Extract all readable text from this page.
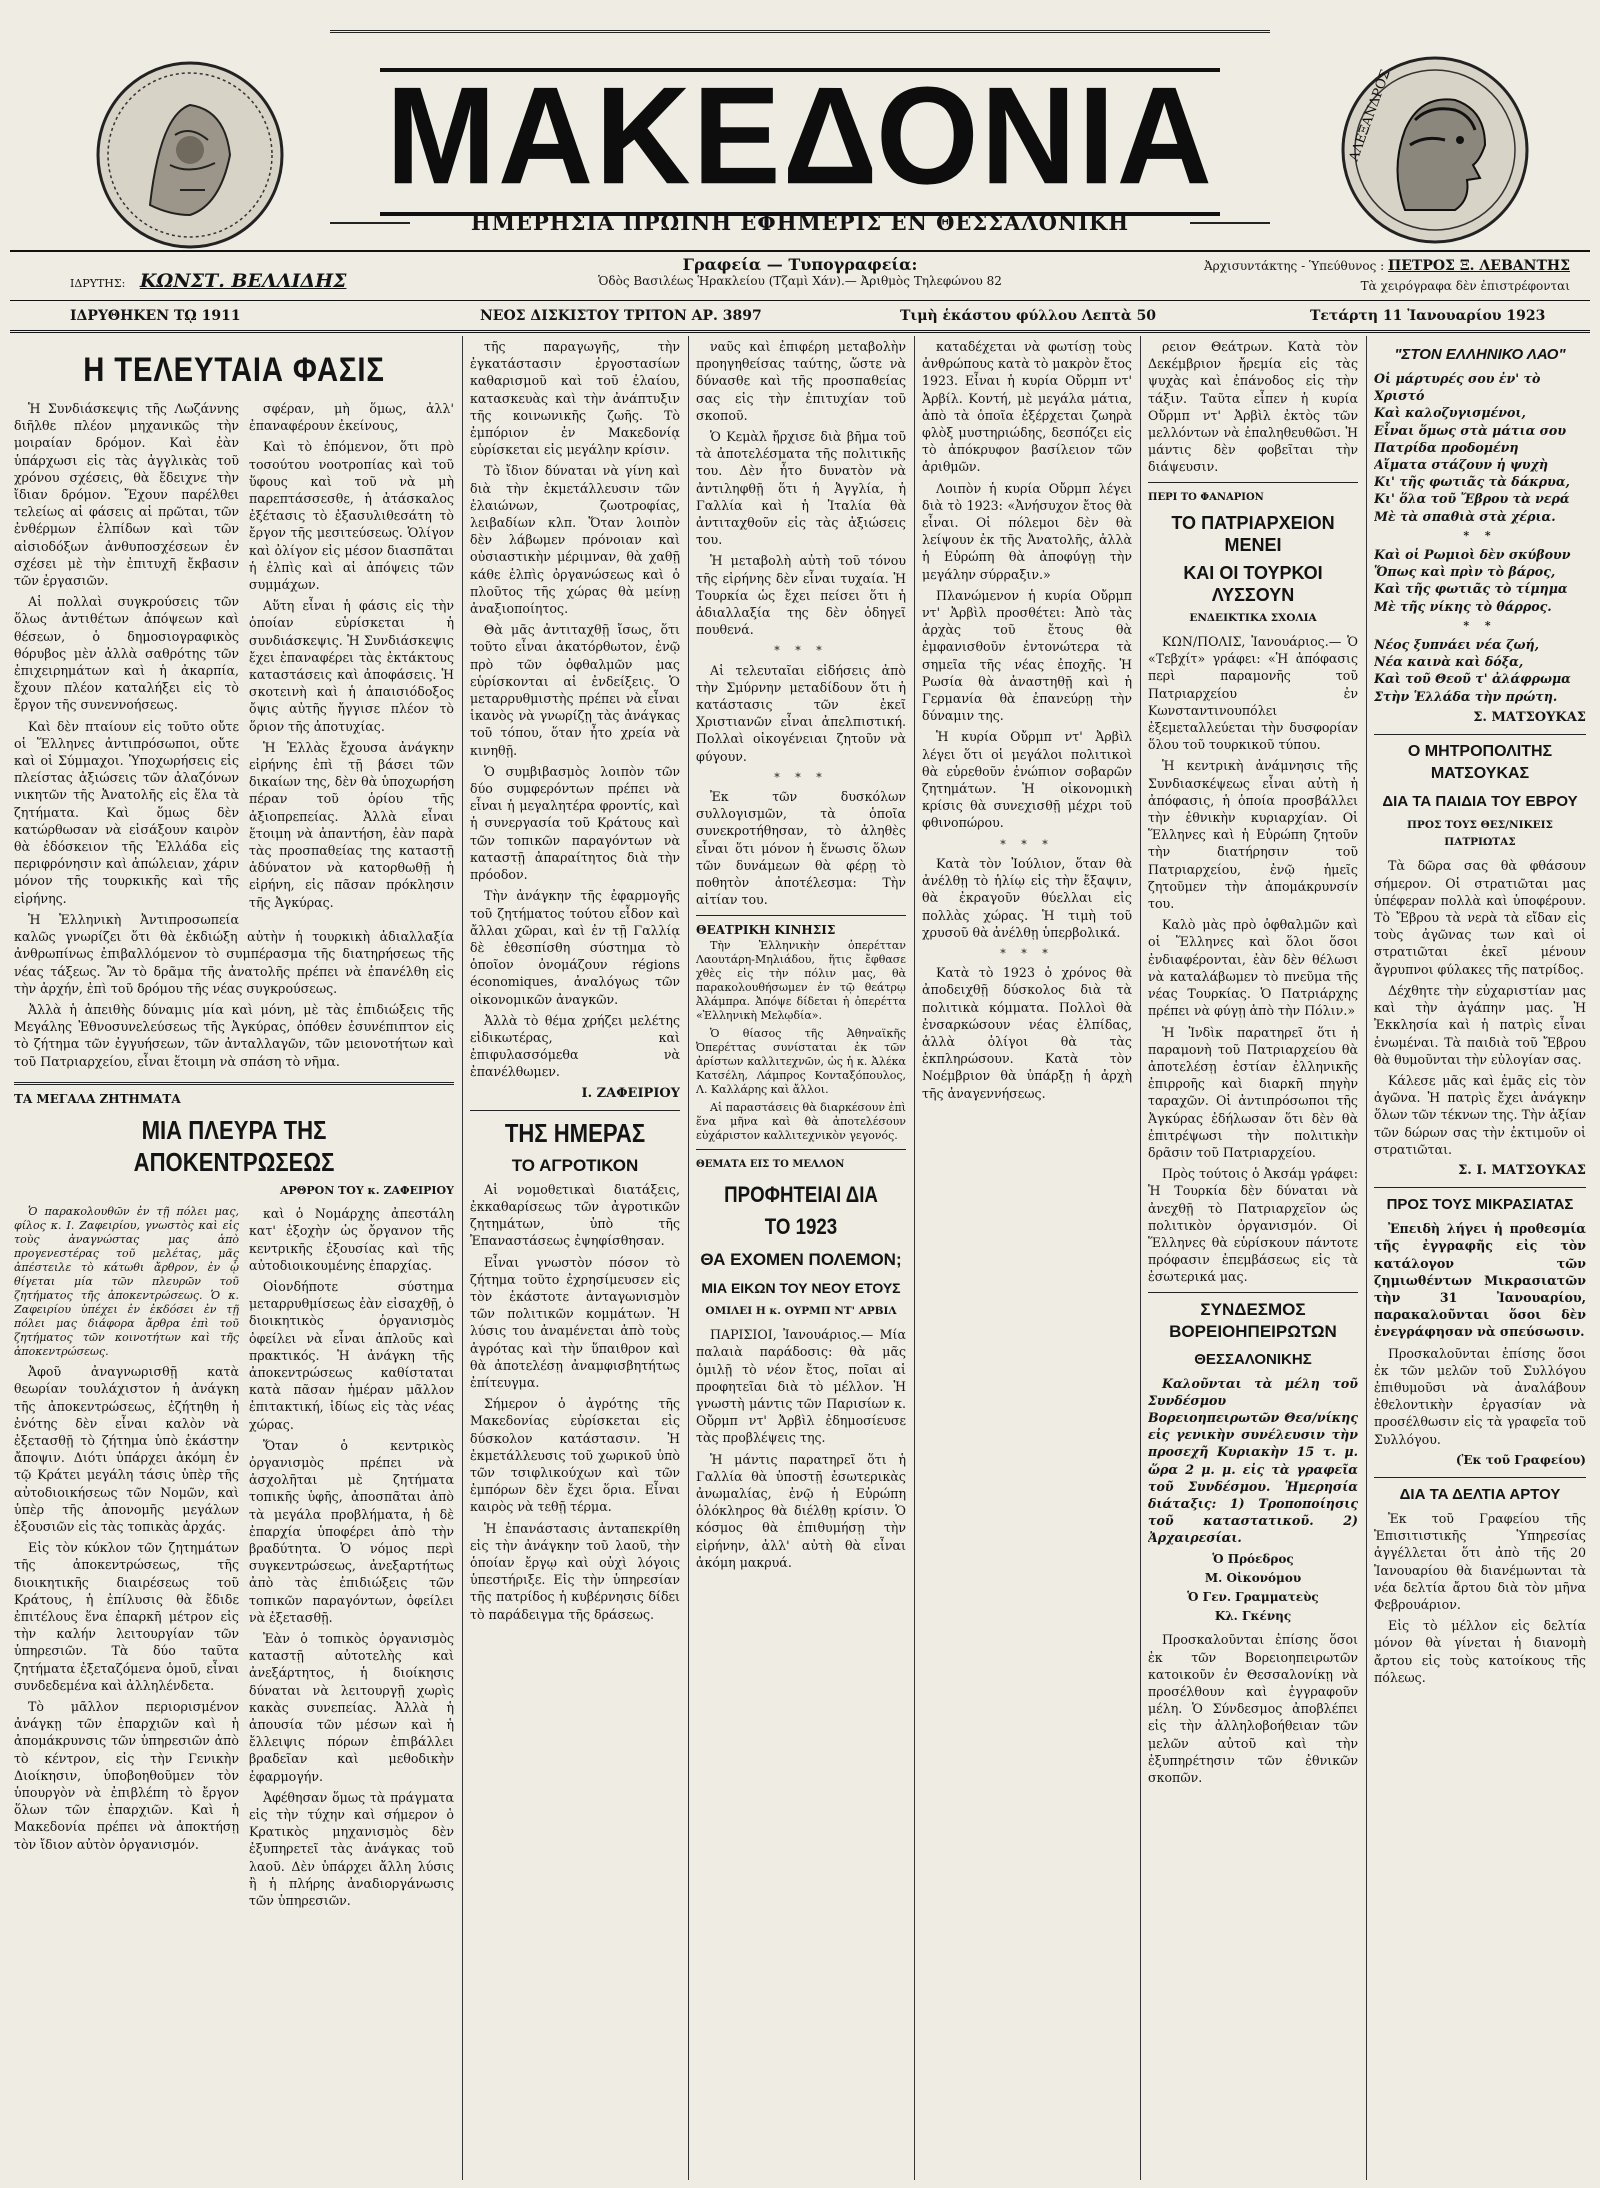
ΑΛΕΞΑΝΔΡΟΣ
ΜΑΚΕΔΟΝΙΑ
ΗΜΕΡΗΣΙΑ ΠΡΩΙΝΗ ΕΦΗΜΕΡΙΣ ΕΝ ΘΕΣΣΑΛΟΝΙΚΗ
ΙΔΡΥΤΗΣ: ΚΩΝΣΤ. ΒΕΛΛΙΔΗΣ
Γραφεία — Τυπογραφεία:
Ὁδὸς Βασιλέως Ἡρακλείου (Τζαμὶ Χάν).— Ἀριθμὸς Τηλεφώνου 82
Ἀρχισυντάκτης - Ὑπεύθυνος : ΠΕΤΡΟΣ Ξ. ΛΕΒΑΝΤΗΣ
Τὰ χειρόγραφα δὲν ἐπιστρέφονται
ΙΔΡΥΘΗΚΕΝ Τῼ 1911	ΝΕΟΣ ΔΙΣΚΙΣΤΟΥ ΤΡΙΤΟΝ ΑΡ. 3897	Τιμὴ ἑκάστου φύλλου Λεπτὰ 50	Τετάρτη 11 Ἰανουαρίου 1923
Η ΤΕΛΕΥΤΑΙΑ ΦΑΣΙΣ

σφέραν, μὴ ὅμως, ἀλλ' ἐπαναφέρουν ἐκείνους,

Καὶ τὸ ἐπόμενον, ὅτι πρὸ τοσούτου νοοτροπίας καὶ τοῦ ὕφους καὶ τοῦ νὰ μὴ παρεπτάσσεσθε, ἡ ἀτάσκαλος ἐξέτασις τὸ ἐξασυλιθεσάτη τὸ ἔργον τῆς μεσιτεύσεως. Ὁλίγον καὶ ὀλίγον εἰς μέσον διασπᾶται ἡ ἐλπὶς καὶ αἱ ἀπόψεις τῶν συμμάχων.

Αὕτη εἶναι ἡ φάσις εἰς τὴν ὁποίαν εὑρίσκεται ἡ συνδιάσκεψις. Ἡ Συνδιάσκεψις ἔχει ἐπαναφέρει τὰς ἐκτάκτους καταστάσεις καὶ ἀποφάσεις. Ἡ σκοτεινὴ καὶ ἡ ἀπαισιόδοξος ὄψις αὐτῆς ἤγγισε πλέον τὸ ὅριον τῆς ἀποτυχίας.

Ἡ Ἑλλὰς ἔχουσα ἀνάγκην εἰρήνης ἐπὶ τῇ βάσει τῶν δικαίων της, δὲν θὰ ὑποχωρήση πέραν τοῦ ὁρίου τῆς ἀξιοπρεπείας. Ἀλλὰ εἶναι ἕτοιμη νὰ ἀπαντήση, ἐὰν παρὰ τὰς προσπαθείας της καταστῇ ἀδύνατον νὰ κατορθωθῇ ἡ εἰρήνη, εἰς πᾶσαν πρόκλησιν τῆς Ἀγκύρας.

Ἡ Συνδιάσκεψις τῆς Λωζάννης διῆλθε πλέον μηχανικῶς τὴν μοιραίαν δρόμον. Καὶ ἐὰν ὑπάρχωσι εἰς τὰς ἀγγλικὰς τοῦ χρόνου σχέσεις, θὰ ἔδειχνε τὴν ἴδιαν δρόμον. Ἔχουν παρέλθει τελείως αἱ φάσεις αἱ πρῶται, τῶν ἐνθέρμων ἐλπίδων καὶ τῶν αἰσιοδόξων ἀνθυποσχέσεων ἐν σχέσει μὲ τὴν ἐπιτυχῆ ἔκβασιν τῶν ἐργασιῶν.

Αἱ πολλαὶ συγκρούσεις τῶν ὅλως ἀντιθέτων ἀπόψεων καὶ θέσεων, ὁ δημοσιογραφικὸς θόρυβος μὲν ἀλλὰ σαθρότης τῶν ἐπιχειρημάτων καὶ ἡ ἀκαρπία, ἔχουν πλέον καταλήξει εἰς τὸ ἔργον τῆς συνεννοήσεως.

Καὶ δὲν πταίουν εἰς τοῦτο οὔτε οἱ Ἕλληνες ἀντιπρόσωποι, οὔτε καὶ οἱ Σύμμαχοι. Ὑποχωρήσεις εἰς πλείστας ἀξιώσεις τῶν ἀλαζόνων νικητῶν τῆς Ἀνατολῆς εἰς ἕλα τὰ ζητήματα. Καὶ ὅμως δὲν κατώρθωσαν νὰ εἰσάξουν καιρὸν θὰ ἐδόσκειον τῆς Ἑλλάδα εἰς περιφρόνησιν καὶ ἀπώλειαν, χάριν μόνον τῆς τουρκικῆς καὶ τῆς εἰρήνης.

Ἡ Ἑλληνικὴ Ἀντιπροσωπεία καλῶς γνωρίζει ὅτι θὰ ἐκδιώξη αὐτὴν ἡ τουρκικὴ ἀδιαλλαξία ἀνθρωπίνως ἐπιβαλλόμενον τὸ συμπέρασμα τῆς διατηρήσεως τῆς νέας τάξεως. Ἂν τὸ δρᾶμα τῆς ἀνατολῆς πρέπει νὰ ἐπανέλθη εἰς τὴν ἀρχήν, ἐπὶ τοῦ δρόμου τῆς νέας συγκρούσεως.

Ἀλλὰ ἡ ἀπειθὴς δύναμις μία καὶ μόνη, μὲ τὰς ἐπιδιώξεις τῆς Μεγάλης Ἐθνοσυνελεύσεως τῆς Ἀγκύρας, ὁπόθεν ἐσυνέπιπτον εἰς τὸ ζήτημα τῶν ἐγγυήσεων, τῶν ἀνταλλαγῶν, τῶν μειονοτήτων καὶ τοῦ Πατριαρχείου, εἶναι ἕτοιμη νὰ σπάση τὸ νῆμα.

ΤΑ ΜΕΓΑΛΑ ΖΗΤΗΜΑΤΑ
ΜΙΑ ΠΛΕΥΡΑ ΤΗΣ ΑΠΟΚΕΝΤΡΩΣΕΩΣ
ΑΡΘΡΟΝ ΤΟΥ κ. ΖΑΦΕΙΡΙΟΥ

καὶ ὁ Νομάρχης ἀπεστάλη κατ' ἐξοχὴν ὡς ὄργανον τῆς κεντρικῆς ἐξουσίας καὶ τῆς αὐτοδιοικουμένης ἐπαρχίας.

Οἱονδήποτε σύστημα μεταρρυθμίσεως ἐὰν εἰσαχθῇ, ὁ διοικητικὸς ὀργανισμὸς ὀφείλει νὰ εἶναι ἁπλοῦς καὶ πρακτικός. Ἡ ἀνάγκη τῆς ἀποκεντρώσεως καθίσταται κατὰ πᾶσαν ἡμέραν μᾶλλον ἐπιτακτική, ἰδίως εἰς τὰς νέας χώρας.

Ὅταν ὁ κεντρικὸς ὀργανισμὸς πρέπει νὰ ἀσχολῆται μὲ ζητήματα τοπικῆς ὑφῆς, ἀποσπᾶται ἀπὸ τὰ μεγάλα προβλήματα, ἡ δὲ ἐπαρχία ὑποφέρει ἀπὸ τὴν βραδύτητα. Ὁ νόμος περὶ συγκεντρώσεως, ἀνεξαρτήτως ἀπὸ τὰς ἐπιδιώξεις τῶν τοπικῶν παραγόντων, ὁφείλει νὰ ἐξετασθῇ.

Ἐὰν ὁ τοπικὸς ὀργανισμὸς καταστῇ αὐτοτελὴς καὶ ἀνεξάρτητος, ἡ διοίκησις δύναται νὰ λειτουργῇ χωρὶς κακὰς συνεπείας. Ἀλλὰ ἡ ἀπουσία τῶν μέσων καὶ ἡ ἔλλειψις πόρων ἐπιβάλλει βραδεῖαν καὶ μεθοδικὴν ἐφαρμογήν.

Ἀφέθησαν ὅμως τὰ πράγματα εἰς τὴν τύχην καὶ σήμερον ὁ Κρατικὸς μηχανισμὸς δὲν ἐξυπηρετεῖ τὰς ἀνάγκας τοῦ λαοῦ. Δὲν ὑπάρχει ἄλλη λύσις ἢ ἡ πλήρης ἀναδιοργάνωσις τῶν ὑπηρεσιῶν.

Ὁ παρακολουθῶν ἐν τῇ πόλει μας, φίλος κ. Ι. Ζαφειρίου, γνωστὸς καὶ εἰς τοὺς ἀναγνώστας μας ἀπὸ προγενεστέρας τοῦ μελέτας, μᾶς ἀπέστειλε τὸ κάτωθι ἄρθρον, ἐν ᾧ θίγεται μία τῶν πλευρῶν τοῦ ζητήματος τῆς ἀποκεντρώσεως. Ὁ κ. Ζαφειρίου ὑπέχει ἐν ἐκδόσει ἐν τῇ πόλει μας διάφορα ἄρθρα ἐπὶ τοῦ ζητήματος τῶν κοινοτήτων καὶ τῆς ἀποκεντρώσεως.

Ἀφοῦ ἀναγνωρισθῇ κατὰ θεωρίαν τουλάχιστον ἡ ἀνάγκη τῆς ἀποκεντρώσεως, ἐζήτηθη ἡ ἐνότης δὲν εἶναι καλὸν νὰ ἐξετασθῇ τὸ ζήτημα ὑπὸ ἑκάστην ἄποψιν. Διότι ὑπάρχει ἀκόμη ἐν τῷ Κράτει μεγάλη τάσις ὑπὲρ τῆς αὐτοδιοικήσεως τῶν Νομῶν, καὶ ὑπὲρ τῆς ἀπονομῆς μεγάλων ἐξουσιῶν εἰς τὰς τοπικὰς ἀρχάς.

Εἰς τὸν κύκλον τῶν ζητημάτων τῆς ἀποκεντρώσεως, τῆς διοικητικῆς διαιρέσεως τοῦ Κράτους, ἡ ἐπίλυσις θὰ ἔδιδε ἐπιτέλους ἕνα ἐπαρκῆ μέτρον εἰς τὴν καλήν λειτουργίαν τῶν ὑπηρεσιῶν. Τὰ δύο ταῦτα ζητήματα ἐξεταζόμενα ὁμοῦ, εἶναι συνδεδεμένα καὶ ἀλληλένδετα.

Τὸ μᾶλλον περιορισμένον ἀνάγκῃ τῶν ἐπαρχιῶν καὶ ἡ ἀπομάκρυνσις τῶν ὑπηρεσιῶν ἀπὸ τὸ κέντρον, εἰς τὴν Γενικὴν Διοίκησιν, ὑποβοηθοῦμεν τὸν ὑπουργὸν νὰ ἐπιβλέπη τὸ ἔργον ὅλων τῶν ἐπαρχιῶν. Καὶ ἡ Μακεδονία πρέπει νὰ ἀποκτήσῃ τὸν ἴδιον αὐτὸν ὀργανισμόν.

τῆς παραγωγῆς, τὴν ἐγκατάστασιν ἐργοστασίων καθαρισμοῦ καὶ τοῦ ἐλαίου, κατασκευὰς καὶ τὴν ἀνάπτυξιν τῆς κοινωνικῆς ζωῆς. Τὸ ἐμπόριον ἐν Μακεδονίᾳ εὑρίσκεται εἰς μεγάλην κρίσιν.

Τὸ ἴδιον δύναται νὰ γίνη καὶ διὰ τὴν ἐκμετάλλευσιν τῶν ἐλαιώνων, ζωοτροφίας, λειβαδίων κλπ. Ὅταν λοιπὸν δὲν λάβωμεν πρόνοιαν καὶ οὐσιαστικὴν μέριμναν, θὰ χαθῇ κάθε ἐλπὶς ὀργανώσεως καὶ ὁ πλοῦτος τῆς χώρας θὰ μείνῃ ἀναξιοποίητος.

Θὰ μᾶς ἀντιταχθῇ ἴσως, ὅτι τοῦτο εἶναι ἀκατόρθωτον, ἐνῷ πρὸ τῶν ὀφθαλμῶν μας εὑρίσκονται αἱ ἐνδείξεις. Ὁ μεταρρυθμιστὴς πρέπει νὰ εἶναι ἱκανὸς νὰ γνωρίζῃ τὰς ἀνάγκας τοῦ τόπου, ὅταν ἦτο χρεία νὰ κινηθῇ.

Ὁ συμβιβασμὸς λοιπὸν τῶν δύο συμφερόντων πρέπει νὰ εἶναι ἡ μεγαλητέρα φροντίς, καὶ ἡ συνεργασία τοῦ Κράτους καὶ τῶν τοπικῶν παραγόντων νὰ καταστῇ ἀπαραίτητος διὰ τὴν πρόοδον.

Τὴν ἀνάγκην τῆς ἐφαρμογῆς τοῦ ζητήματος τούτου εἶδον καὶ ἄλλαι χῶραι, καὶ ἐν τῇ Γαλλίᾳ δὲ ἐθεσπίσθη σύστημα τὸ ὁποῖον ὀνομάζουν régions économiques, ἀναλόγως τῶν οἰκονομικῶν ἀναγκῶν.

Ἀλλὰ τὸ θέμα χρήζει μελέτης εἰδικωτέρας, καὶ ἐπιφυλασσόμεθα νὰ ἐπανέλθωμεν.

Ι. ΖΑΦΕΙΡΙΟΥ
ΤΗΣ ΗΜΕΡΑΣ
ΤΟ ΑΓΡΟΤΙΚΟΝ

Αἱ νομοθετικαὶ διατάξεις, ἐκκαθαρίσεως τῶν ἀγροτικῶν ζητημάτων, ὑπὸ τῆς Ἐπαναστάσεως ἐψηφίσθησαν.

Εἶναι γνωστὸν πόσον τὸ ζήτημα τοῦτο ἐχρησίμευσεν εἰς τὸν ἑκάστοτε ἀνταγωνισμὸν τῶν πολιτικῶν κομμάτων. Ἡ λύσις του ἀναμένεται ἀπὸ τοὺς ἀγρότας καὶ τὴν ὕπαιθρον καὶ θὰ ἀποτελέσῃ ἀναμφισβητήτως ἐπίτευγμα.

Σήμερον ὁ ἀγρότης τῆς Μακεδονίας εὑρίσκεται εἰς δύσκολον κατάστασιν. Ἡ ἐκμετάλλευσις τοῦ χωρικοῦ ὑπὸ τῶν τσιφλικούχων καὶ τῶν ἐμπόρων δὲν ἔχει ὅρια. Εἶναι καιρὸς νὰ τεθῇ τέρμα.

Ἡ ἐπανάστασις ἀνταπεκρίθη εἰς τὴν ἀνάγκην τοῦ λαοῦ, τὴν ὁποίαν ἔργῳ καὶ οὐχὶ λόγοις ὑπεστήριξε. Εἰς τὴν ὑπηρεσίαν τῆς πατρίδος ἡ κυβέρνησις δίδει τὸ παράδειγμα τῆς δράσεως.

ναῦς καὶ ἐπιφέρη μεταβολὴν προηγηθείσας ταύτης, ὥστε νὰ δύνασθε καὶ τῆς προσπαθείας σας εἰς τὴν ἐπιτυχίαν τοῦ σκοποῦ.

Ὁ Κεμὰλ ἤρχισε διὰ βῆμα τοῦ τὰ ἀποτελέσματα τῆς πολιτικῆς του. Δὲν ἦτο δυνατὸν νὰ ἀντιληφθῇ ὅτι ἡ Ἀγγλία, ἡ Γαλλία καὶ ἡ Ἰταλία θὰ ἀντιταχθοῦν εἰς τὰς ἀξιώσεις του.

Ἡ μεταβολὴ αὐτὴ τοῦ τόνου τῆς εἰρήνης δὲν εἶναι τυχαία. Ἡ Τουρκία ὡς ἔχει πείσει ὅτι ἡ ἀδιαλλαξία της δὲν ὁδηγεῖ πουθενά.

* * *

Αἱ τελευταῖαι εἰδήσεις ἀπὸ τὴν Σμύρνην μεταδίδουν ὅτι ἡ κατάστασις τῶν ἐκεῖ Χριστιανῶν εἶναι ἀπελπιστική. Πολλαὶ οἰκογένειαι ζητοῦν νὰ φύγουν.

* * *

Ἐκ τῶν δυσκόλων συλλογισμῶν, τὰ ὁποῖα συνεκροτήθησαν, τὸ ἀληθὲς εἶναι ὅτι μόνον ἡ ἕνωσις ὅλων τῶν δυνάμεων θὰ φέρῃ τὸ ποθητὸν ἀποτέλεσμα: Τὴν αἰτίαν του.

ΘΕΑΤΡΙΚΗ ΚΙΝΗΣΙΣ

Τὴν Ἑλληνικὴν ὀπερέτταν Λαουτάρη-Μηλιάδου, ἥτις ἔφθασε χθὲς εἰς τὴν πόλιν μας, θὰ παρακολουθήσωμεν ἐν τῷ θεάτρῳ Ἀλάμπρα. Ἀπόψε δίδεται ἡ ὀπερέττα «Ἑλληνικὴ Μελῳδία».

Ὁ θίασος τῆς Ἀθηναϊκῆς Ὀπερέττας συνίσταται ἐκ τῶν ἀρίστων καλλιτεχνῶν, ὡς ἡ κ. Ἀλέκα Κατσέλη, Λάμπρος Κονταξόπουλος, Λ. Καλλάρης καὶ ἄλλοι.

Αἱ παραστάσεις θὰ διαρκέσουν ἐπὶ ἕνα μῆνα καὶ θὰ ἀποτελέσουν εὐχάριστον καλλιτεχνικὸν γεγονός.

ΘΕΜΑΤΑ ΕΙΣ ΤΟ ΜΕΛΛΟΝ
ΠΡΟΦΗΤΕΙΑΙ ΔΙΑ ΤΟ 1923
ΘΑ ΕΧΟΜΕΝ ΠΟΛΕΜΟΝ;
ΜΙΑ ΕΙΚΩΝ ΤΟΥ ΝΕΟΥ ΕΤΟΥΣ
ΟΜΙΛΕΙ Η κ. ΟΥΡΜΠ ΝΤ' ΑΡΒΙΛ

ΠΑΡΙΣΙΟΙ, Ἰανουάριος.— Μία παλαιὰ παράδοσις: θὰ μᾶς ὁμιλῇ τὸ νέον ἔτος, ποῖαι αἱ προφητεῖαι διὰ τὸ μέλλον. Ἡ γνωστὴ μάντις τῶν Παρισίων κ. Οὔρμπ ντ' Ἀρβὶλ ἐδημοσίευσε τὰς προβλέψεις της.

Ἡ μάντις παρατηρεῖ ὅτι ἡ Γαλλία θὰ ὑποστῇ ἐσωτερικὰς ἀνωμαλίας, ἐνῷ ἡ Εὐρώπη ὁλόκληρος θὰ διέλθῃ κρίσιν. Ὁ κόσμος θὰ ἐπιθυμήσῃ τὴν εἰρήνην, ἀλλ' αὐτὴ θὰ εἶναι ἀκόμη μακρυά.

καταδέχεται νὰ φωτίσῃ τοὺς ἀνθρώπους κατὰ τὸ μακρὸν ἔτος 1923. Εἶναι ἡ κυρία Οὔρμπ ντ' Ἀρβίλ. Κοντή, μὲ μεγάλα μάτια, ἀπὸ τὰ ὁποῖα ἐξέρχεται ζωηρὰ φλὸξ μυστηριώδης, δεσπόζει εἰς τὸ ἀπόκρυφον βασίλειον τῶν ἀριθμῶν.

Λοιπὸν ἡ κυρία Οὔρμπ λέγει διὰ τὸ 1923: «Ἀνήσυχον ἔτος θὰ εἶναι. Οἱ πόλεμοι δὲν θὰ λείψουν ἐκ τῆς Ἀνατολῆς, ἀλλὰ ἡ Εὐρώπη θὰ ἀποφύγῃ τὴν μεγάλην σύρραξιν.»

Πλανώμενον ἡ κυρία Οὔρμπ ντ' Ἀρβὶλ προσθέτει: Ἀπὸ τὰς ἀρχὰς τοῦ ἔτους θὰ ἐμφανισθοῦν ἐντονώτερα τὰ σημεῖα τῆς νέας ἐποχῆς. Ἡ Ρωσία θὰ ἀναστηθῇ καὶ ἡ Γερμανία θὰ ἐπανεύρῃ τὴν δύναμιν της.

Ἡ κυρία Οὔρμπ ντ' Ἀρβὶλ λέγει ὅτι οἱ μεγάλοι πολιτικοὶ θὰ εὑρεθοῦν ἐνώπιον σοβαρῶν ζητημάτων. Ἡ οἰκονομικὴ κρίσις θὰ συνεχισθῇ μέχρι τοῦ φθινοπώρου.

* * *

Κατὰ τὸν Ἰούλιον, ὅταν θὰ ἀνέλθῃ τὸ ἡλίῳ εἰς τὴν ἔξαψιν, θὰ ἐκραγοῦν θύελλαι εἰς πολλὰς χώρας. Ἡ τιμὴ τοῦ χρυσοῦ θὰ ἀνέλθῃ ὑπερβολικά.

* * *

Κατὰ τὸ 1923 ὁ χρόνος θὰ ἀποδειχθῇ δύσκολος διὰ τὰ πολιτικὰ κόμματα. Πολλοὶ θὰ ἐνσαρκώσουν νέας ἐλπίδας, ἀλλὰ ὀλίγοι θὰ τὰς ἐκπληρώσουν. Κατὰ τὸν Νοέμβριον θὰ ὑπάρξῃ ἡ ἀρχὴ τῆς ἀναγεννήσεως.

ρειον Θεάτρων. Κατὰ τὸν Δεκέμβριον ἤρεμία εἰς τὰς ψυχὰς καὶ ἐπάνοδος εἰς τὴν τάξιν. Ταῦτα εἶπεν ἡ κυρία Οὔρμπ ντ' Ἀρβὶλ ἐκτὸς τῶν μελλόντων νὰ ἐπαληθευθῶσι. Ἡ μάντις δὲν φοβεῖται τὴν διάψευσιν.

ΠΕΡΙ ΤΟ ΦΑΝΑΡΙΟΝ
ΤΟ ΠΑΤΡΙΑΡΧΕΙΟΝ ΜΕΝΕΙ
ΚΑΙ ΟΙ ΤΟΥΡΚΟΙ ΛΥΣΣΟΥΝ
ΕΝΔΕΙΚΤΙΚΑ ΣΧΟΛΙΑ

ΚΩΝ/ΠΟΛΙΣ, Ἰανουάριος.— Ὁ «Τεβχίτ» γράφει: «Ἡ ἀπόφασις περὶ παραμονῆς τοῦ Πατριαρχείου ἐν Κωνσταντινουπόλει ἐξεμεταλλεύεται τὴν δυσφορίαν ὅλου τοῦ τουρκικοῦ τύπου.

Ἡ κεντρικὴ ἀνάμνησις τῆς Συνδιασκέψεως εἶναι αὐτὴ ἡ ἀπόφασις, ἡ ὁποία προσβάλλει τὴν ἐθνικὴν κυριαρχίαν. Οἱ Ἕλληνες καὶ ἡ Εὐρώπη ζητοῦν τὴν διατήρησιν τοῦ Πατριαρχείου, ἐνῷ ἡμεῖς ζητοῦμεν τὴν ἀπομάκρυνσίν του.

Καλὸ μὰς πρὸ ὀφθαλμῶν καὶ οἱ Ἕλληνες καὶ ὅλοι ὅσοι ἐνδιαφέρονται, ἐὰν δὲν θέλωσι νὰ καταλάβωμεν τὸ πνεῦμα τῆς νέας Τουρκίας. Ὁ Πατριάρχης πρέπει νὰ φύγῃ ἀπὸ τὴν Πόλιν.»

Ἡ Ἰνδὶκ παρατηρεῖ ὅτι ἡ παραμονὴ τοῦ Πατριαρχείου θὰ ἀποτελέσῃ ἑστίαν ἐλληνικῆς ἐπιρροῆς καὶ διαρκῆ πηγὴν ταραχῶν. Οἱ ἀντιπρόσωποι τῆς Ἀγκύρας ἐδήλωσαν ὅτι δὲν θὰ ἐπιτρέψωσι τὴν πολιτικὴν δρᾶσιν τοῦ Πατριαρχείου.

Πρὸς τούτοις ὁ Ἀκσάμ γράφει: Ἡ Τουρκία δὲν δύναται νὰ ἀνεχθῇ τὸ Πατριαρχεῖον ὡς πολιτικὸν ὀργανισμόν. Οἱ Ἕλληνες θὰ εὑρίσκουν πάντοτε πρόφασιν ἐπεμβάσεως εἰς τὰ ἐσωτερικά μας.

ΣΥΝΔΕΣΜΟΣ ΒΟΡΕΙΟΗΠΕΙΡΩΤΩΝ
ΘΕΣΣΑΛΟΝΙΚΗΣ

Καλοῦνται τὰ μέλη τοῦ Συνδέσμου Βορειοηπειρωτῶν Θεσ/νίκης εἰς γενικὴν συνέλευσιν τὴν προσεχῆ Κυριακὴν 15 τ. μ. ὥρα 2 μ. μ. εἰς τὰ γραφεῖα τοῦ Συνδέσμου. Ἡμερησία διάταξις: 1) Τροποποίησις τοῦ καταστατικοῦ. 2) Ἀρχαιρεσίαι.

Ὁ Πρόεδρος
Μ. Οἰκονόμου
Ὁ Γεν. Γραμματεὺς
Κλ. Γκένης

Προσκαλοῦνται ἐπίσης ὅσοι ἐκ τῶν Βορειοηπειρωτῶν κατοικοῦν ἐν Θεσσαλονίκῃ νὰ προσέλθουν καὶ ἐγγραφοῦν μέλη. Ὁ Σύνδεσμος ἀποβλέπει εἰς τὴν ἀλληλοβοήθειαν τῶν μελῶν αὐτοῦ καὶ τὴν ἐξυπηρέτησιν τῶν ἐθνικῶν σκοπῶν.

"ΣΤΟΝ ΕΛΛΗΝΙΚΟ ΛΑΟ"

Οἱ μάρτυρές σου ἐν' τὸ Χριστό

Καὶ καλοζυγισμένοι,

Εἶναι ὅμως στὰ μάτια σου

Πατρίδα προδομένη

Αἴματα στάζουν ἡ ψυχὴ

Κι' τῆς φωτιᾶς τὰ δάκρυα,

Κι' ὅλα τοῦ Ἔβρου τὰ νερά

Μὲ τὰ σπαθιὰ στὰ χέρια.

* *

Καὶ οἱ Ρωμιοὶ δὲν σκύβουν

Ὅπως καὶ πρὶν τὸ βάρος,

Καὶ τῆς φωτιᾶς τὸ τίμημα

Μὲ τῆς νίκης τὸ θάρρος.

* *

Νέος ξυπνάει νέα ζωή,

Νέα καινὰ καὶ δόξα,

Καὶ τοῦ Θεοῦ τ' ἀλάφρωμα

Στὴν Ἑλλάδα τὴν πρώτη.

Σ. ΜΑΤΣΟΥΚΑΣ
Ο ΜΗΤΡΟΠΟΛΙΤΗΣ ΜΑΤΣΟΥΚΑΣ
ΔΙΑ ΤΑ ΠΑΙΔΙΑ ΤΟΥ ΕΒΡΟΥ
ΠΡΟΣ ΤΟΥΣ ΘΕΣ/ΝΙΚΕΙΣ ΠΑΤΡΙΩΤΑΣ

Τὰ δῶρα σας θὰ φθάσουν σήμερον. Οἱ στρατιῶται μας ὑπέφεραν πολλὰ καὶ ὑποφέρουν. Τὸ Ἔβρου τὰ νερὰ τὰ εἴδαν εἰς τοὺς ἀγῶνας των καὶ οἱ στρατιῶται ἐκεῖ μένουν ἄγρυπνοι φύλακες τῆς πατρίδος.

Δέχθητε τὴν εὐχαριστίαν μας καὶ τὴν ἀγάπην μας. Ἡ Ἐκκλησία καὶ ἡ πατρὶς εἶναι ἑνωμέναι. Τὰ παιδιὰ τοῦ Ἔβρου θὰ θυμοῦνται τὴν εὐλογίαν σας.

Κάλεσε μᾶς καὶ ἐμᾶς εἰς τὸν ἀγῶνα. Ἡ πατρὶς ἔχει ἀνάγκην ὅλων τῶν τέκνων της. Τὴν ἀξίαν τῶν δώρων σας τὴν ἐκτιμοῦν οἱ στρατιῶται.

Σ. Ι. ΜΑΤΣΟΥΚΑΣ
ΠΡΟΣ ΤΟΥΣ ΜΙΚΡΑΣΙΑΤΑΣ

Ἐπειδὴ λήγει ἡ προθεσμία τῆς ἐγγραφῆς εἰς τὸν κατάλογον τῶν ζημιωθέντων Μικρασιατῶν τὴν 31 Ἰανουαρίου, παρακαλοῦνται ὅσοι δὲν ἐνεγράφησαν νὰ σπεύσωσιν.

Προσκαλοῦνται ἐπίσης ὅσοι ἐκ τῶν μελῶν τοῦ Συλλόγου ἐπιθυμοῦσι νὰ ἀναλάβουν ἐθελοντικὴν ἐργασίαν νὰ προσέλθωσιν εἰς τὰ γραφεῖα τοῦ Συλλόγου.

(Ἐκ τοῦ Γραφείου)
ΔΙΑ ΤΑ ΔΕΛΤΙΑ ΑΡΤΟΥ

Ἐκ τοῦ Γραφείου τῆς Ἐπισιτιστικῆς Ὑπηρεσίας ἀγγέλλεται ὅτι ἀπὸ τῆς 20 Ἰανουαρίου θὰ διανέμωνται τὰ νέα δελτία ἄρτου διὰ τὸν μῆνα Φεβρουάριον.

Εἰς τὸ μέλλον εἰς δελτία μόνον θὰ γίνεται ἡ διανομὴ ἄρτου εἰς τοὺς κατοίκους τῆς πόλεως.
